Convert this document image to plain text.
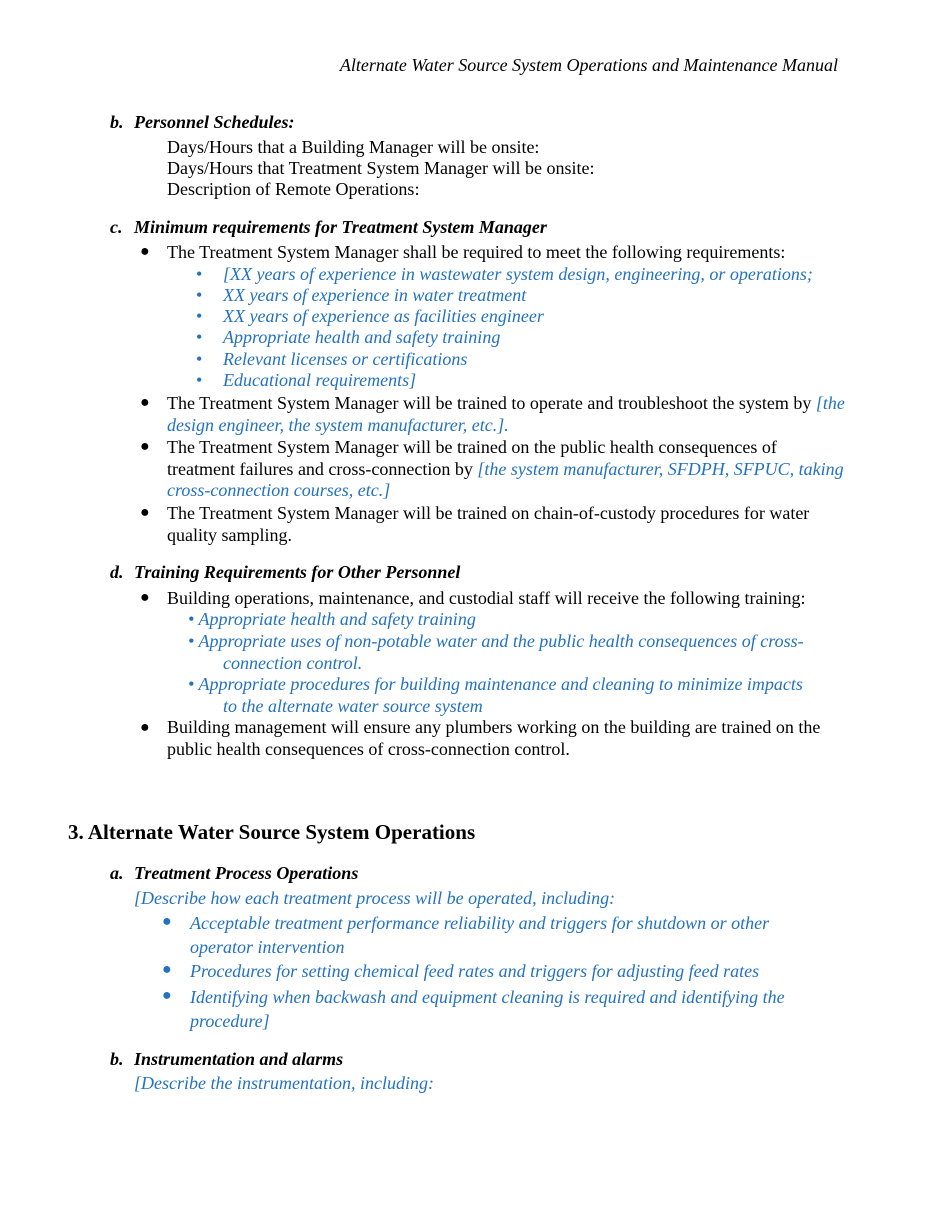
Alternate Water Source System Operations and Maintenance Manual
b. Personnel Schedules:
Days/Hours that a Building Manager will be onsite:
Days/Hours that Treatment System Manager will be onsite:
Description of Remote Operations:
c. Minimum requirements for Treatment System Manager
● The Treatment System Manager shall be required to meet the following requirements:
• [XX years of experience in wastewater system design, engineering, or operations;
• XX years of experience in water treatment
• XX years of experience as facilities engineer
• Appropriate health and safety training
• Relevant licenses or certifications
• Educational requirements]
● The Treatment System Manager will be trained to operate and troubleshoot the system by [the design engineer, the system manufacturer, etc.].
● The Treatment System Manager will be trained on the public health consequences of treatment failures and cross-connection by [the system manufacturer, SFDPH, SFPUC, taking cross-connection courses, etc.]
● The Treatment System Manager will be trained on chain-of-custody procedures for water quality sampling.
d. Training Requirements for Other Personnel
● Building operations, maintenance, and custodial staff will receive the following training:
• Appropriate health and safety training
• Appropriate uses of non-potable water and the public health consequences of cross-
connection control.
• Appropriate procedures for building maintenance and cleaning to minimize impacts
to the alternate water source system
● Building management will ensure any plumbers working on the building are trained on the public health consequences of cross-connection control.
3. Alternate Water Source System Operations
a. Treatment Process Operations
[Describe how each treatment process will be operated, including:
● Acceptable treatment performance reliability and triggers for shutdown or other operator intervention
● Procedures for setting chemical feed rates and triggers for adjusting feed rates
● Identifying when backwash and equipment cleaning is required and identifying the procedure]
b. Instrumentation and alarms
[Describe the instrumentation, including:
